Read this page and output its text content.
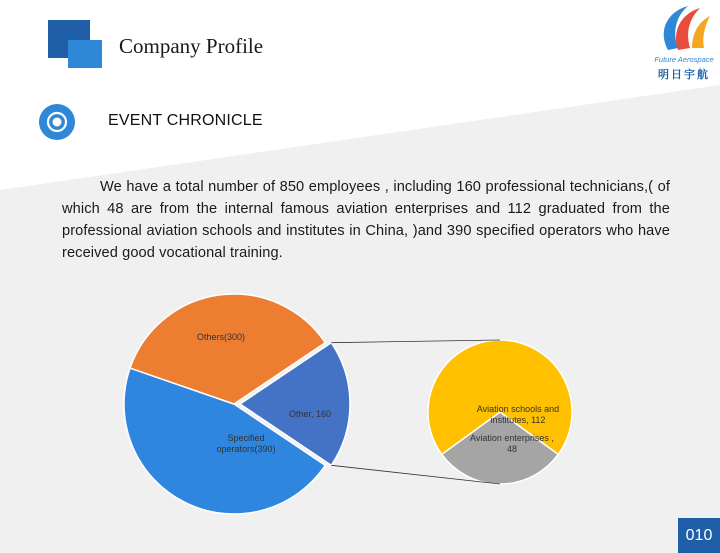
Company Profile
Future Aerospace
明日宇航
EVENT CHRONICLE
We have a total number of 850 employees , including 160 professional technicians,( of which 48 are from the internal famous aviation enterprises and 112 graduated from the professional aviation schools and institutes in China, )and 390 specified operators who have received good vocational training.
Others(300)
Other, 160
Specified operators(390)
Aviation schools and institutes, 112
Aviation enterprises , 48
010
